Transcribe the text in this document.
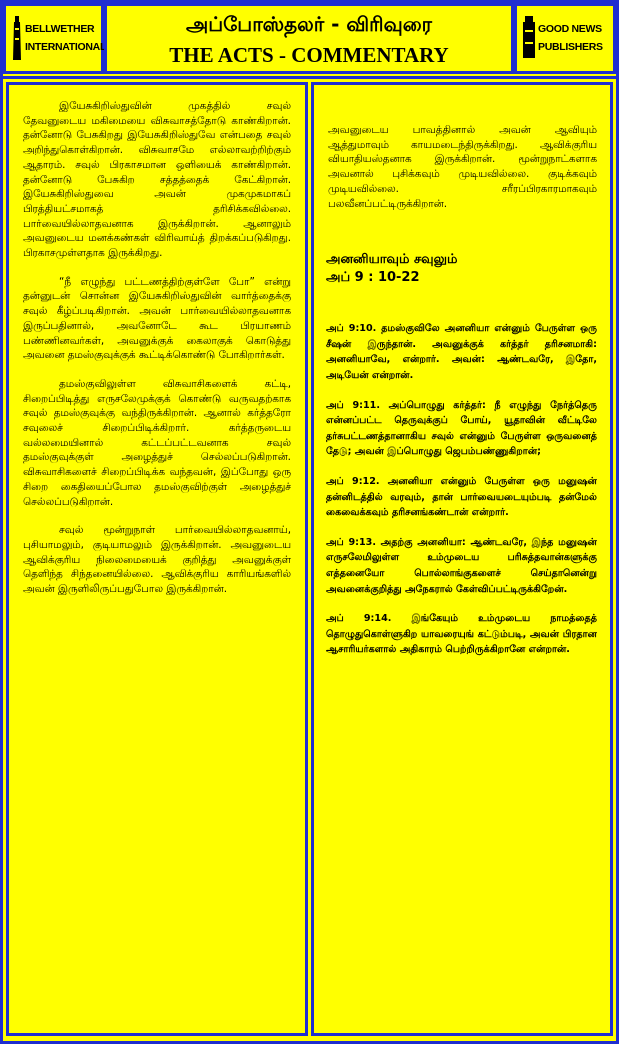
BELLWETHER INTERNATIONAL
அப்போஸ்தலர் - விரிவுரை
THE ACTS - COMMENTARY
GOOD NEWS PUBLISHERS

இயேசுகிறிஸ்துவின் முகத்தில் சவுல் தேவனுடைய மகிமையை விசுவாசத்தோடு காண்கிறான். தன்னோடு பேசுகிறது இயேசுகிறிஸ்துவே என்பதை சவுல் அறிந்துகொள்கிறான். விசுவாசமே எல்லாவற்றிற்கும் ஆதாரம். சவுல் பிரகாசமான ஒளியைக் காண்கிறான். தன்னோடு பேசுகிற சத்தத்தைக் கேட்கிறான். இயேசுகிறிஸ்துவை அவன் முகமுகமாகப் பிரத்தியட்சமாகத் தரிசிக்கவில்லை. பார்வையில்லாதவனாக இருக்கிறான். ஆனாலும் அவனுடைய மனக்கண்கள் விரிவாய்த் திறக்கப்படுகிறது. பிரகாசமுள்ளதாக இருக்கிறது.

“நீ எழுந்து பட்டணத்திற்குள்ளே போ” என்று தன்னுடன் சொன்ன இயேசுகிறிஸ்துவின் வார்த்தைக்கு சவுல் கீழ்ப்படிகிறான். அவன் பார்வையில்லாதவனாக இருப்பதினால், அவனோடே கூட பிரயாணம் பண்ணினவர்கள், அவனுக்குக் கைலாகுக் கொடுத்து அவனை தமஸ்குவுக்குக் கூட்டிக்கொண்டு போகிறார்கள்.

தமஸ்குவிலுள்ள விசுவாசிகளைக் கட்டி, சிறைப்பிடித்து எருசலேமுக்குக் கொண்டு வருவதற்காக சவுல் தமஸ்குவுக்கு வந்திருக்கிறான். ஆனால் கர்த்தரோ சவுலைச் சிறைப்பிடிக்கிறார். கர்த்தருடைய வல்லமையினால் கட்டப்பட்டவனாக சவுல் தமஸ்குவுக்குள் அழைத்துச் செல்லப்படுகிறான். விசுவாசிகளைச் சிறைப்பிடிக்க வந்தவன், இப்போது ஒரு சிறை கைதியைப்போல தமஸ்குவிற்குள் அழைத்துச் செல்லப்படுகிறான்.

சவுல் மூன்றுநாள் பார்வையில்லாதவனாய், புசியாமலும், குடியாமலும் இருக்கிறான். அவனுடைய ஆவிக்குரிய நிலைமையைக் குறித்து அவனுக்குள் தெளிந்த சிந்தனையில்லை. ஆவிக்குரிய காரியங்களில் அவன் இருளிலிருப்பதுபோல இருக்கிறான்.

அவனுடைய பாவத்தினால் அவன் ஆவியும் ஆத்துமாவும் காயமடைந்திருக்கிறது. ஆவிக்குரிய வியாதியஸ்தனாக இருக்கிறான். மூன்றுநாட்களாக அவனால் புசிக்கவும் முடியவில்லை. குடிக்கவும் முடியவில்லை. சரீரப்பிரகாரமாகவும் பலவீனப்பட்டிருக்கிறான்.

அனனியாவும் சவுலும்

அப் 9 : 10-22

அப் 9:10. தமஸ்குவிலே அனனியா என்னும் பேருள்ள ஒரு சீஷன் இருந்தான். அவனுக்குக் கர்த்தர் தரிசனமாகி: அனனியாவே, என்றார். அவன்: ஆண்டவரே, இதோ, அடியேன் என்றான்.

அப் 9:11. அப்பொழுது கர்த்தர்: நீ எழுந்து நேர்த்தெரு என்னப்பட்ட தெருவுக்குப் போய், யூதாவின் வீட்டிலே தர்சுபட்டணத்தானாகிய சவுல் என்னும் பேருள்ள ஒருவனைத் தேடு; அவன் இப்பொழுது ஜெபம்பண்ணுகிறான்;

அப் 9:12. அனனியா என்னும் பேருள்ள ஒரு மனுஷன் தன்னிடத்தில் வரவும், தான் பார்வையடையும்படி தன்மேல் கைவைக்கவும் தரிசனங்கண்டான் என்றார்.

அப் 9:13. அதற்கு அனனியா: ஆண்டவரே, இந்த மனுஷன் எருசலேமிலுள்ள உம்முடைய பரிசுத்தவான்களுக்கு எத்தனையோ பொல்லாங்குகளைச் செய்தானென்று அவனைக்குறித்து அநேகரால் கேள்விப்பட்டிருக்கிறேன்.

அப் 9:14. இங்கேயும் உம்முடைய நாமத்தைத் தொழுதுகொள்ளுகிற யாவரையுங் கட்டும்படி, அவன் பிரதான ஆசாரியர்களால் அதிகாரம் பெற்றிருக்கிறானே என்றான்.
